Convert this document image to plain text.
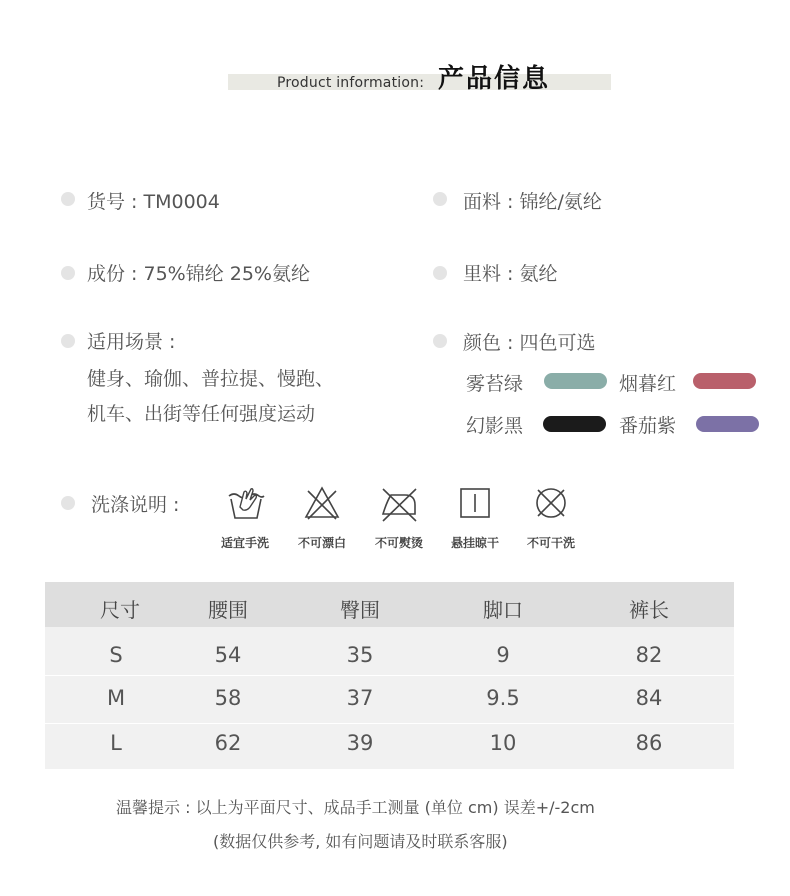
Product information: 产品信息
货号 : TM0004
成份 : 75%锦纶 25%氨纶
适用场景 :
健身、瑜伽、普拉提、慢跑、
机车、出街等任何强度运动
面料 : 锦纶/氨纶
里料 : 氨纶
颜色 : 四色可选
雾苔绿	烟暮红
幻影黑	番茄紫
洗涤说明 :
适宜手洗	不可漂白	不可熨烫	悬挂晾干	不可干洗
尺寸	腰围	臀围	脚口	裤长
S	54	35	9	82
M	58	37	9.5	84
L	62	39	10	86
温馨提示 : 以上为平面尺寸、成品手工测量 (单位 cm) 误差+/-2cm
(数据仅供参考, 如有问题请及时联系客服)
